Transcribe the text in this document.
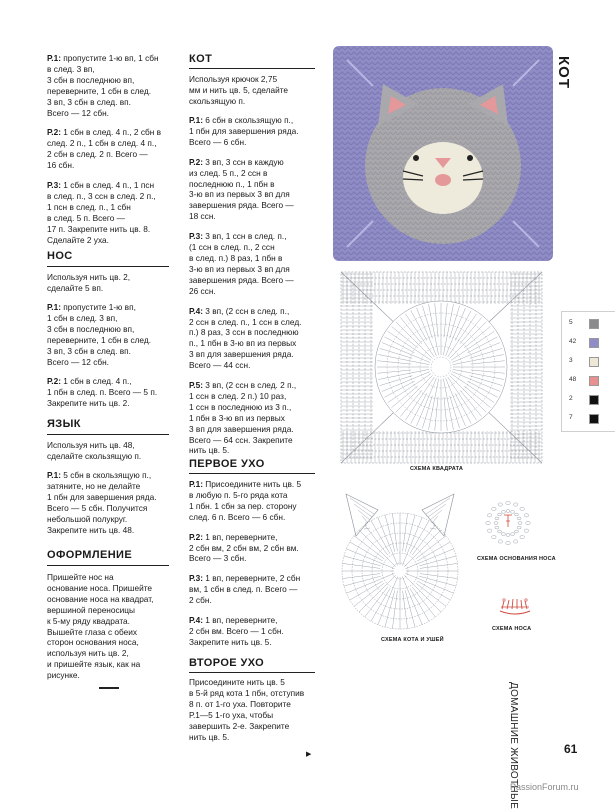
КОТ

Р.1: пропустите 1-ю вп, 1 сбн
в след. 3 вп,
3 сбн в последнюю вп,
переверните, 1 сбн в след.
3 вп, 3 сбн в след. вп.
Всего — 12 сбн.

Р.2: 1 сбн в след. 4 п., 2 сбн в
след. 2 п., 1 сбн в след. 4 п.,
2 сбн в след. 2 п. Всего —
16 сбн.

Р.3: 1 сбн в след. 4 п., 1 псн
в след. п., 3 ссн в след. 2 п.,
1 псн в след. п., 1 сбн
в след. 5 п. Всего —
17 п. Закрепите нить цв. 8.
Сделайте 2 уха.

НОС

Используя нить цв. 2,
сделайте 5 вп.

Р.1: пропустите 1-ю вп,
1 сбн в след. 3 вп,
3 сбн в последнюю вп,
переверните, 1 сбн в след.
3 вп, 3 сбн в след. вп.
Всего — 12 сбн.

Р.2: 1 сбн в след. 4 п.,
1 пбн в след. п. Всего — 5 п.
Закрепите нить цв. 2.

ЯЗЫК

Используя нить цв. 48,
сделайте скользящую п.

Р.1: 5 сбн в скользящую п.,
затяните, но не делайте
1 пбн для завершения ряда.
Всего — 5 сбн. Получится
небольшой полукруг.
Закрепите нить цв. 48.

ОФОРМЛЕНИЕ

Пришейте нос на
основание носа. Пришейте
основание носа на квадрат,
вершиной переносицы
к 5-му ряду квадрата.
Вышейте глаза с обеих
сторон основания носа,
используя нить цв. 2,
и пришейте язык, как на
рисунке.

КОТ

Используя крючок 2,75
мм и нить цв. 5, сделайте
скользящую п.

Р.1: 6 сбн в скользящую п.,
1 пбн для завершения ряда.
Всего — 6 сбн.

Р.2: 3 вп, 3 ссн в каждую
из след. 5 п., 2 ссн в
последнюю п., 1 пбн в
3-ю вп из первых 3 вп для
завершения ряда. Всего —
18 ссн.

Р.3: 3 вп, 1 ссн в след. п.,
(1 ссн в след. п., 2 ссн
в след. п.) 8 раз, 1 пбн в
3-ю вп из первых 3 вп для
завершения ряда. Всего —
26 ссн.

Р.4: 3 вп, (2 ссн в след. п.,
2 ссн в след. п., 1 ссн в след.
п.) 8 раз, 3 ссн в последнюю
п., 1 пбн в 3-ю вп из первых
3 вп для завершения ряда.
Всего — 44 ссн.

Р.5: 3 вп, (2 ссн в след. 2 п.,
1 ссн в след. 2 п.) 10 раз,
1 ссн в последнюю из 3 п.,
1 пбн в 3-ю вп из первых
3 вп для завершения ряда.
Всего — 64 ссн. Закрепите
нить цв. 5.

ПЕРВОЕ УХО

Р.1: Присоедините нить цв. 5
в любую п. 5-го ряда кота
1 пбн. 1 сбн за пер. сторону
след. 6 п. Всего — 6 сбн.

Р.2: 1 вп, переверните,
2 сбн вм, 2 сбн вм, 2 сбн вм.
Всего — 3 сбн.

Р.3: 1 вп, переверните, 2 сбн
вм, 1 сбн в след. п. Всего —
2 сбн.

Р.4: 1 вп, переверните,
2 сбн вм. Всего — 1 сбн.
Закрепите нить цв. 5.

ВТОРОЕ УХО

Присоедините нить цв. 5
в 5-й ряд кота 1 пбн, отступив
8 п. от 1-го уха. Повторите
Р.1—5 1-го уха, чтобы
завершить 2-е. Закрепите
нить цв. 5.

▶
СХЕМА КВАДРАТА
СХЕМА КОТА И УШЕЙ
СХЕМА ОСНОВАНИЯ НОСА
СХЕМА НОСА
5
42
3
48
2
7
ДОМАШНИЕ ЖИВОТНЫЕ	61
PassionForum.ru
